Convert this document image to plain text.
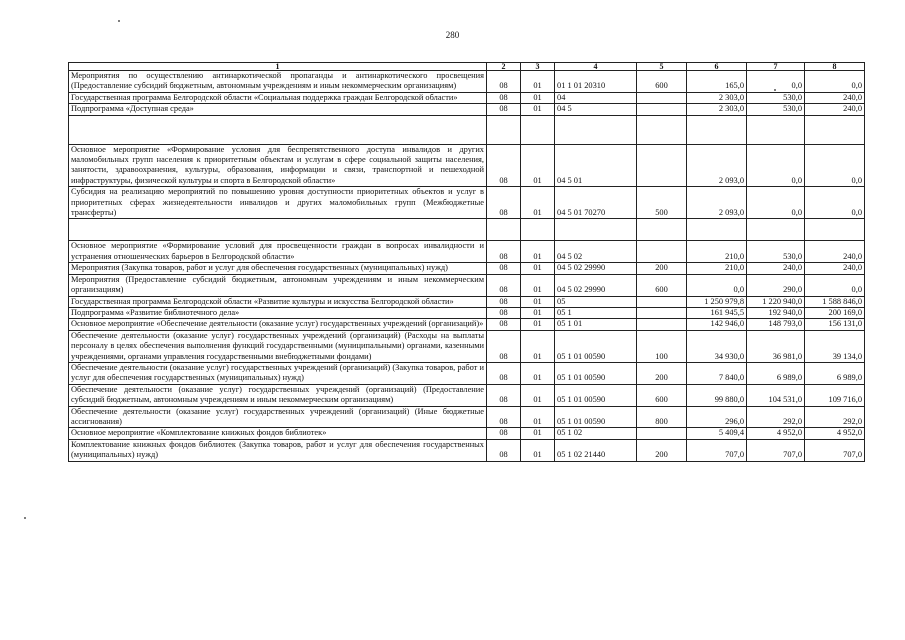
280
1	2	3	4	5	6	7	8
Мероприятия по осуществлению антинаркотической пропаганды и антинаркотического просвещения (Предоставление субсидий бюджетным, автономным учреждениям и иным некоммерческим организациям)	08	01	01 1 01 20310	600	165,0	0,0	0,0
Государственная программа Белгородской области «Социальная поддержка граждан Белгородской области»	08	01	04		2 303,0	530,0	240,0
Подпрограмма «Доступная среда»	08	01	04 5		2 303,0	530,0	240,0

Основное мероприятие «Формирование условия для беспрепятственного доступа инвалидов и других маломобильных групп населения к приоритетным объектам и услугам в сфере социальной защиты населения, занятости, здравоохранения, культуры, образования, информации и связи, транспортной и пешеходной инфраструктуры, физической культуры и спорта в Белгородской области»	08	01	04 5 01		2 093,0	0,0	0,0
Субсидия на реализацию мероприятий по повышению уровня доступности приоритетных объектов и услуг в приоритетных сферах жизнедеятельности инвалидов и других маломобильных групп (Межбюджетные трансферты)	08	01	04 5 01 70270	500	2 093,0	0,0	0,0

Основное мероприятие «Формирование условий для просвещенности граждан в вопросах инвалидности и устранения отношенческих барьеров в Белгородской области»	08	01	04 5 02		210,0	530,0	240,0
Мероприятия (Закупка товаров, работ и услуг для обеспечения государственных (муниципальных) нужд)	08	01	04 5 02 29990	200	210,0	240,0	240,0
Мероприятия (Предоставление субсидий бюджетным, автономным учреждениям и иным некоммерческим организациям)	08	01	04 5 02 29990	600	0,0	290,0	0,0
Государственная программа Белгородской области «Развитие культуры и искусства Белгородской области»	08	01	05		1 250 979,8	1 220 940,0	1 588 846,0
Подпрограмма «Развитие библиотечного дела»	08	01	05 1		161 945,5	192 940,0	200 169,0
Основное мероприятие «Обеспечение деятельности (оказание услуг) государственных учреждений (организаций)»	08	01	05 1 01		142 946,0	148 793,0	156 131,0
Обеспечение деятельности (оказание услуг) государственных учреждений (организаций) (Расходы на выплаты персоналу в целях обеспечения выполнения функций государственными (муниципальными) органами, казенными учреждениями, органами управления государственными внебюджетными фондами)	08	01	05 1 01 00590	100	34 930,0	36 981,0	39 134,0
Обеспечение деятельности (оказание услуг) государственных учреждений (организаций) (Закупка товаров, работ и услуг для обеспечения государственных (муниципальных) нужд)	08	01	05 1 01 00590	200	7 840,0	6 989,0	6 989,0
Обеспечение деятельности (оказание услуг) государственных учреждений (организаций) (Предоставление субсидий бюджетным, автономным учреждениям и иным некоммерческим организациям)	08	01	05 1 01 00590	600	99 880,0	104 531,0	109 716,0
Обеспечение деятельности (оказание услуг) государственных учреждений (организаций) (Иные бюджетные ассигнования)	08	01	05 1 01 00590	800	296,0	292,0	292,0
Основное мероприятие «Комплектование книжных фондов библиотек»	08	01	05 1 02		5 409,4	4 952,0	4 952,0
Комплектование книжных фондов библиотек (Закупка товаров, работ и услуг для обеспечения государственных (муниципальных) нужд)	08	01	05 1 02 21440	200	707,0	707,0	707,0
